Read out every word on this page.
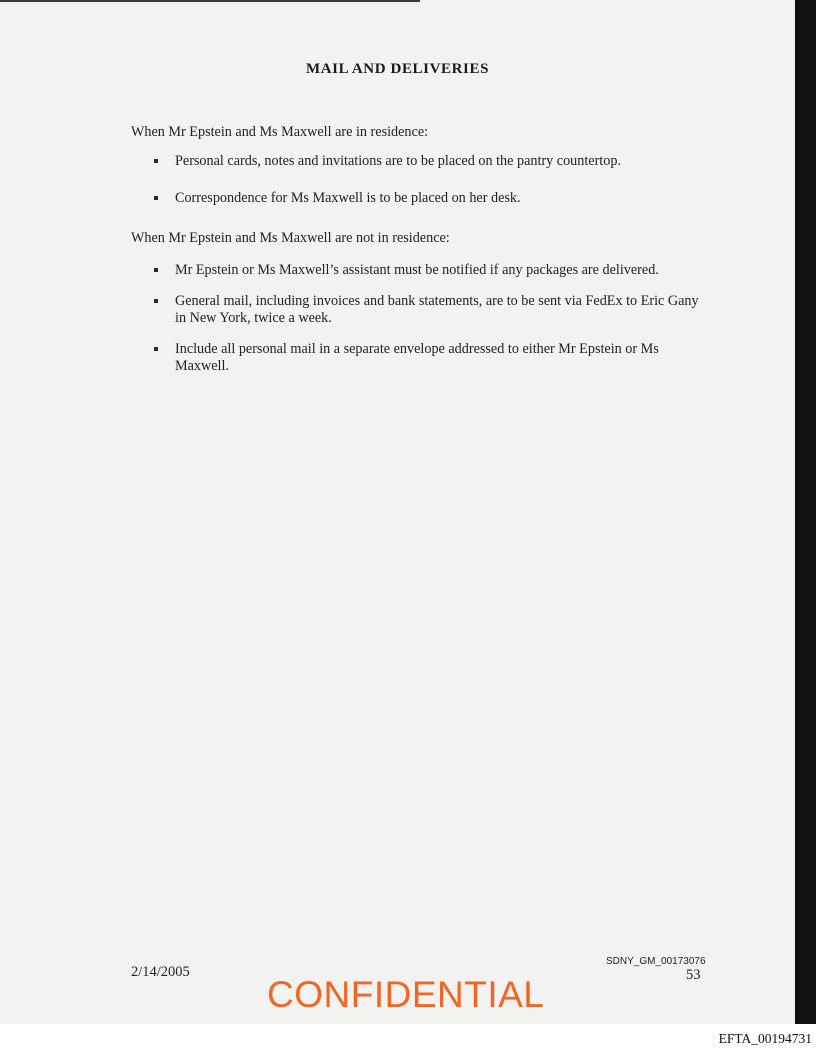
MAIL AND DELIVERIES
When Mr Epstein and Ms Maxwell are in residence:
Personal cards, notes and invitations are to be placed on the pantry countertop.
Correspondence for Ms Maxwell is to be placed on her desk.
When Mr Epstein and Ms Maxwell are not in residence:
Mr Epstein or Ms Maxwell’s assistant must be notified if any packages are delivered.
General mail, including invoices and bank statements, are to be sent via FedEx to Eric Gany in New York, twice a week.
Include all personal mail in a separate envelope addressed to either Mr Epstein or Ms Maxwell.
2/14/2005
SDNY_GM_00173076
53
CONFIDENTIAL
EFTA_00194731
